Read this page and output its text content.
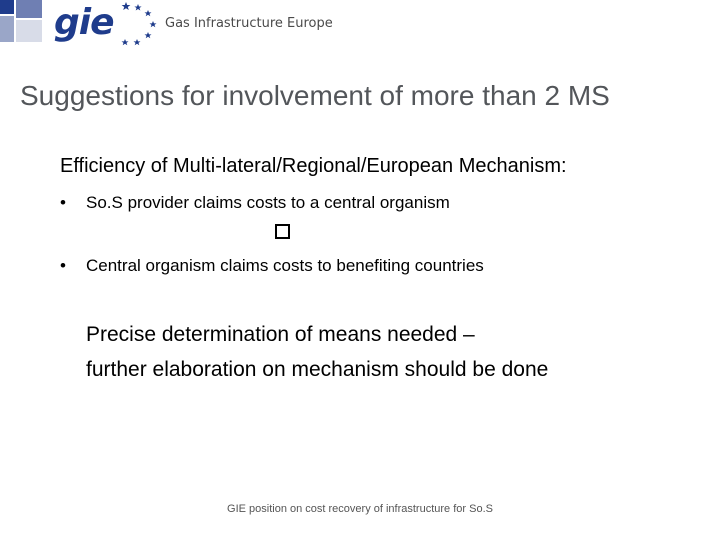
gie	Gas Infrastructure Europe
Suggestions for involvement of more than 2 MS
Efficiency of Multi-lateral/Regional/European Mechanism:
• So.S provider claims costs to a central organism
• Central organism claims costs to benefiting countries
Precise determination of means needed –
further elaboration on mechanism should be done
GIE position on cost recovery of infrastructure for So.S
